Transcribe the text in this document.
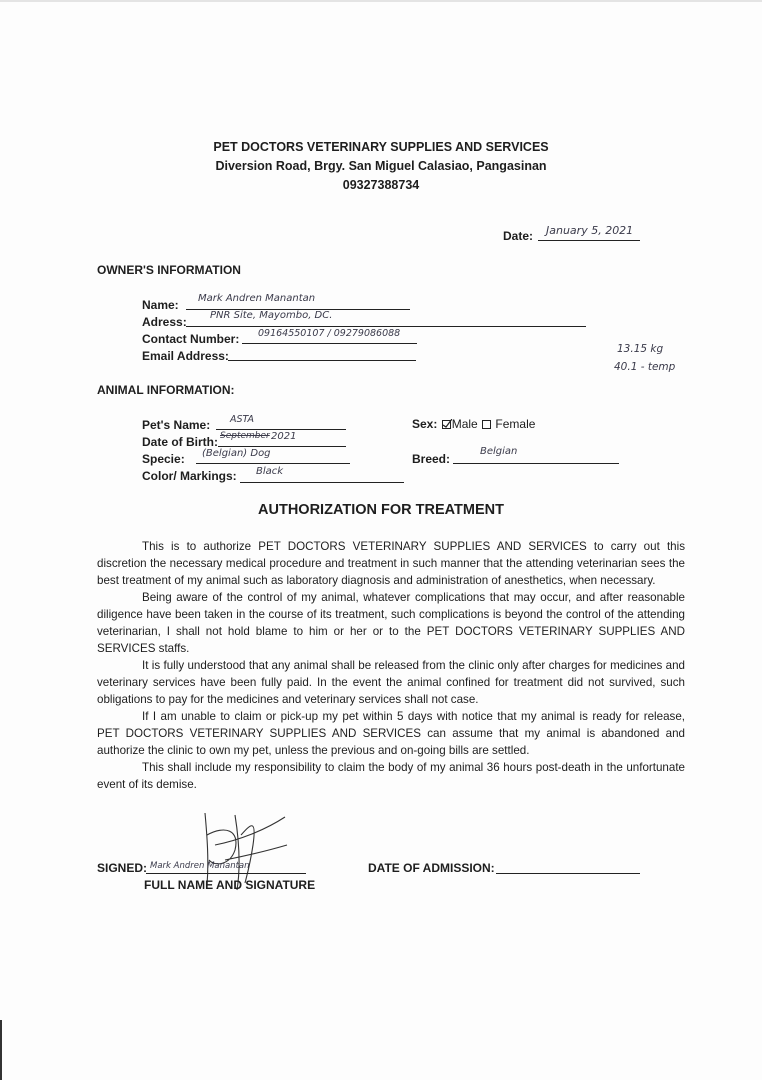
PET DOCTORS VETERINARY SUPPLIES AND SERVICES
Diversion Road, Brgy. San Miguel Calasiao, Pangasinan
09327388734
Date: January 5, 2021
OWNER'S INFORMATION
Name: Mark Andren Manantan
Adress: PNR Site, Mayombo, DC.
Contact Number: 09164550107 / 09279086088
Email Address:	13.15 kg
40.1 - temp
ANIMAL INFORMATION:
Pet's Name: ASTA
Date of Birth: September 2021
Specie: (Belgian) Dog
Color/ Markings: Black
Sex: Male Female
Breed:
Belgian
AUTHORIZATION FOR TREATMENT

This is to authorize PET DOCTORS VETERINARY SUPPLIES AND SERVICES to carry out this discretion the necessary medical procedure and treatment in such manner that the attending veterinarian sees the best treatment of my animal such as laboratory diagnosis and administration of anesthetics, when necessary.

Being aware of the control of my animal, whatever complications that may occur, and after reasonable diligence have been taken in the course of its treatment, such complications is beyond the control of the attending veterinarian, I shall not hold blame to him or her or to the PET DOCTORS VETERINARY SUPPLIES AND SERVICES staffs.

It is fully understood that any animal shall be released from the clinic only after charges for medicines and veterinary services have been fully paid. In the event the animal confined for treatment did not survived, such obligations to pay for the medicines and veterinary services shall not case.

If I am unable to claim or pick-up my pet within 5 days with notice that my animal is ready for release, PET DOCTORS VETERINARY SUPPLIES AND SERVICES can assume that my animal is abandoned and authorize the clinic to own my pet, unless the previous and on-going bills are settled.

This shall include my responsibility to claim the body of my animal 36 hours post-death in the unfortunate event of its demise.

SIGNED: Mark Andren Manantan
FULL NAME AND SIGNATURE
DATE OF ADMISSION:
